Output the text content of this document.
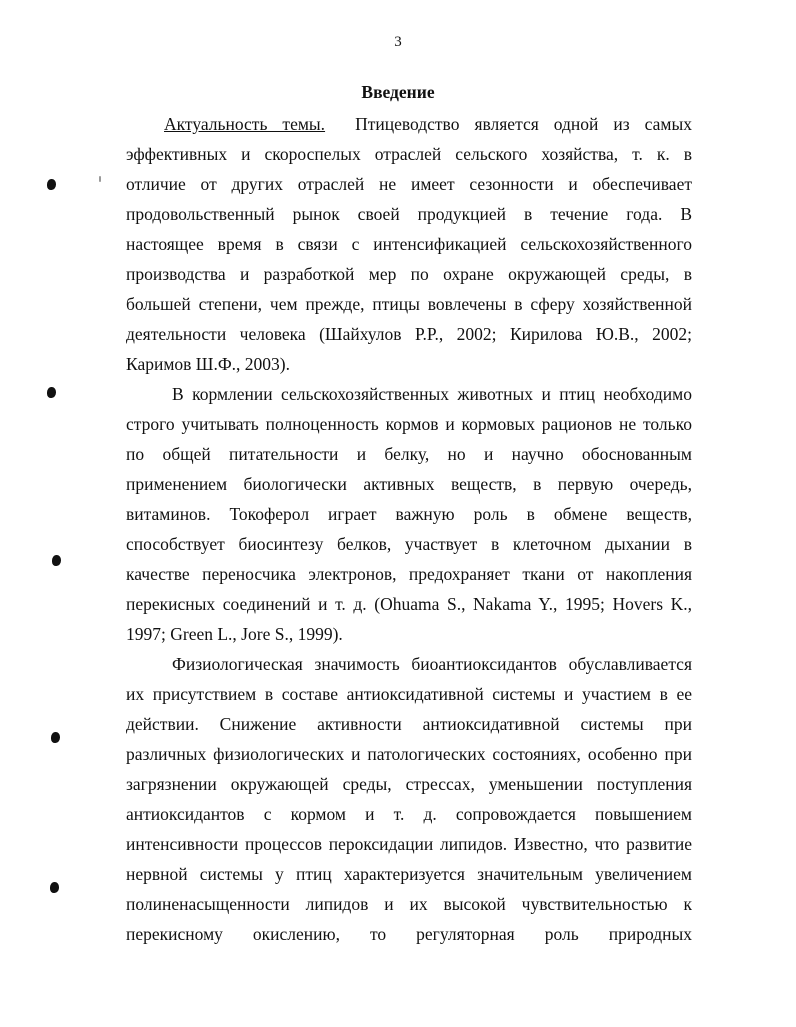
3

Введение
Актуальность темы. Птицеводство является одной из самых
эффективных и скороспелых отраслей сельского хозяйства, т. к. в
отличие от других отраслей не имеет сезонности и обеспечивает
продовольственный рынок своей продукцией в течение года. В
настоящее время в связи с интенсификацией сельскохозяйственного
производства и разработкой мер по охране окружающей среды, в
большей степени, чем прежде, птицы вовлечены в сферу хозяйственной
деятельности человека (Шайхулов Р.Р., 2002; Кирилова Ю.В., 2002;
Каримов Ш.Ф., 2003).
В кормлении сельскохозяйственных животных и птиц необходимо
строго учитывать полноценность кормов и кормовых рационов не только
по общей питательности и белку, но и научно обоснованным
применением биологически активных веществ, в первую очередь,
витаминов. Токоферол играет важную роль в обмене веществ,
способствует биосинтезу белков, участвует в клеточном дыхании в
качестве переносчика электронов, предохраняет ткани от накопления
перекисных соединений и т. д. (Ohuama S., Nakama Y., 1995; Hovers K.,
1997; Green L., Jore S., 1999).
Физиологическая значимость биоантиоксидантов обуславливается
их присутствием в составе антиоксидативной системы и участием в ее
действии. Снижение активности антиоксидативной системы при
различных физиологических и патологических состояниях, особенно при
загрязнении окружающей среды, стрессах, уменьшении поступления
антиоксидантов с кормом и т. д. сопровождается повышением
интенсивности процессов пероксидации липидов. Известно, что развитие
нервной системы у птиц характеризуется значительным увеличением
полиненасыщенности липидов и их высокой чувствительностью к
перекисному окислению, то регуляторная роль природных
